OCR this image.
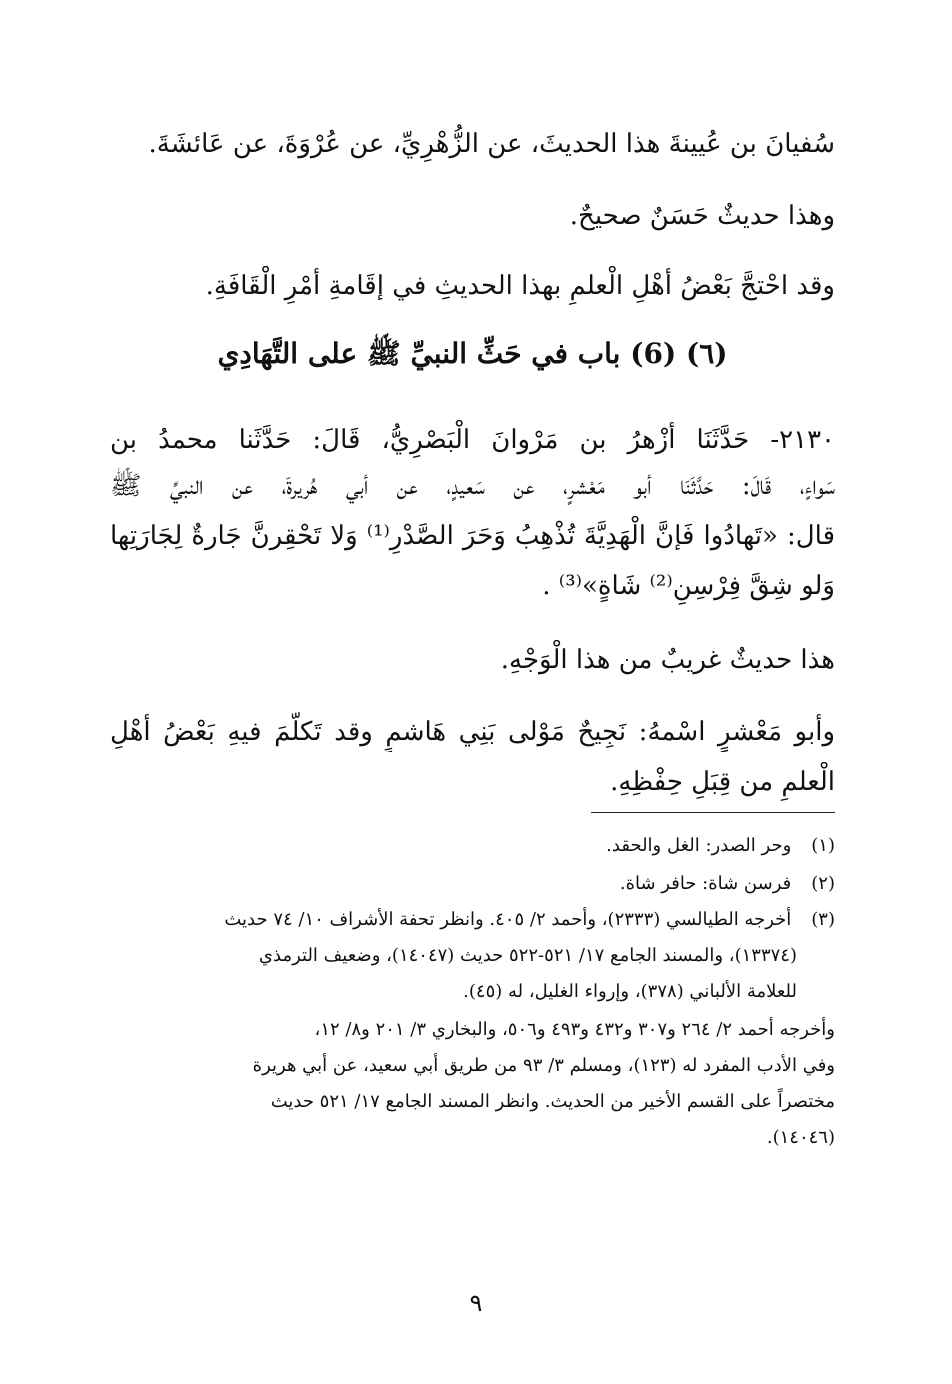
سُفيانَ بن عُيينةَ هذا الحديثَ، عن الزُّهْرِيِّ، عن عُرْوَةَ، عن عَائشَةَ.
وهذا حديثٌ حَسَنٌ صحيحٌ.
وقد احْتجَّ بَعْضُ أهْلِ الْعلمِ بهذا الحديثِ في إقَامةِ أمْرِ الْقَافَةِ.
(٦) (6) باب في حَثِّ النبيِّ ﷺ على التَّهَادِي
٢١٣٠- حَدَّثَنَا أزْهرُ بن مَرْوانَ الْبَصْرِيُّ، قَالَ: حَدَّثَنا محمدُ بن
سَواءٍ، قَالَ: حَدَّثَنَا أبو مَعْشرٍ، عن سَعيدٍ، عن أبي هُريرةَ، عن النبيِّ ﷺ
قال: «تَهادُوا فَإنَّ الْهَدِيَّةَ تُذْهِبُ وَحَرَ الصَّدْرِ⁽¹⁾ وَلا تَحْقِرنَّ جَارةٌ لِجَارَتِها
وَلو شِقَّ فِرْسِنِ⁽²⁾ شَاةٍ»⁽³⁾ .
هذا حديثٌ غريبٌ من هذا الْوَجْهِ.
وأبو مَعْشرٍ اسْمهُ: نَجِيحٌ مَوْلى بَنِي هَاشمٍ وقد تَكلَّمَ فيهِ بَعْضُ أهْلِ
الْعلمِ من قِبَلِ حِفْظِهِ.
(١) وحر الصدر: الغل والحقد.
(٢) فرسن شاة: حافر شاة.
(٣) أخرجه الطيالسي (٢٣٣٣)، وأحمد ٢/ ٤٠٥. وانظر تحفة الأشراف ١٠/ ٧٤ حديث
(١٣٣٧٤)، والمسند الجامع ١٧/ ٥٢١-٥٢٢ حديث (١٤٠٤٧)، وضعيف الترمذي
للعلامة الألباني (٣٧٨)، وإرواء الغليل، له (٤٥).
وأخرجه أحمد ٢/ ٢٦٤ و٣٠٧ و٤٣٢ و٤٩٣ و٥٠٦، والبخاري ٣/ ٢٠١ و٨/ ١٢،
وفي الأدب المفرد له (١٢٣)، ومسلم ٣/ ٩٣ من طريق أبي سعيد، عن أبي هريرة
مختصراً على القسم الأخير من الحديث. وانظر المسند الجامع ١٧/ ٥٢١ حديث
(١٤٠٤٦).
٩
